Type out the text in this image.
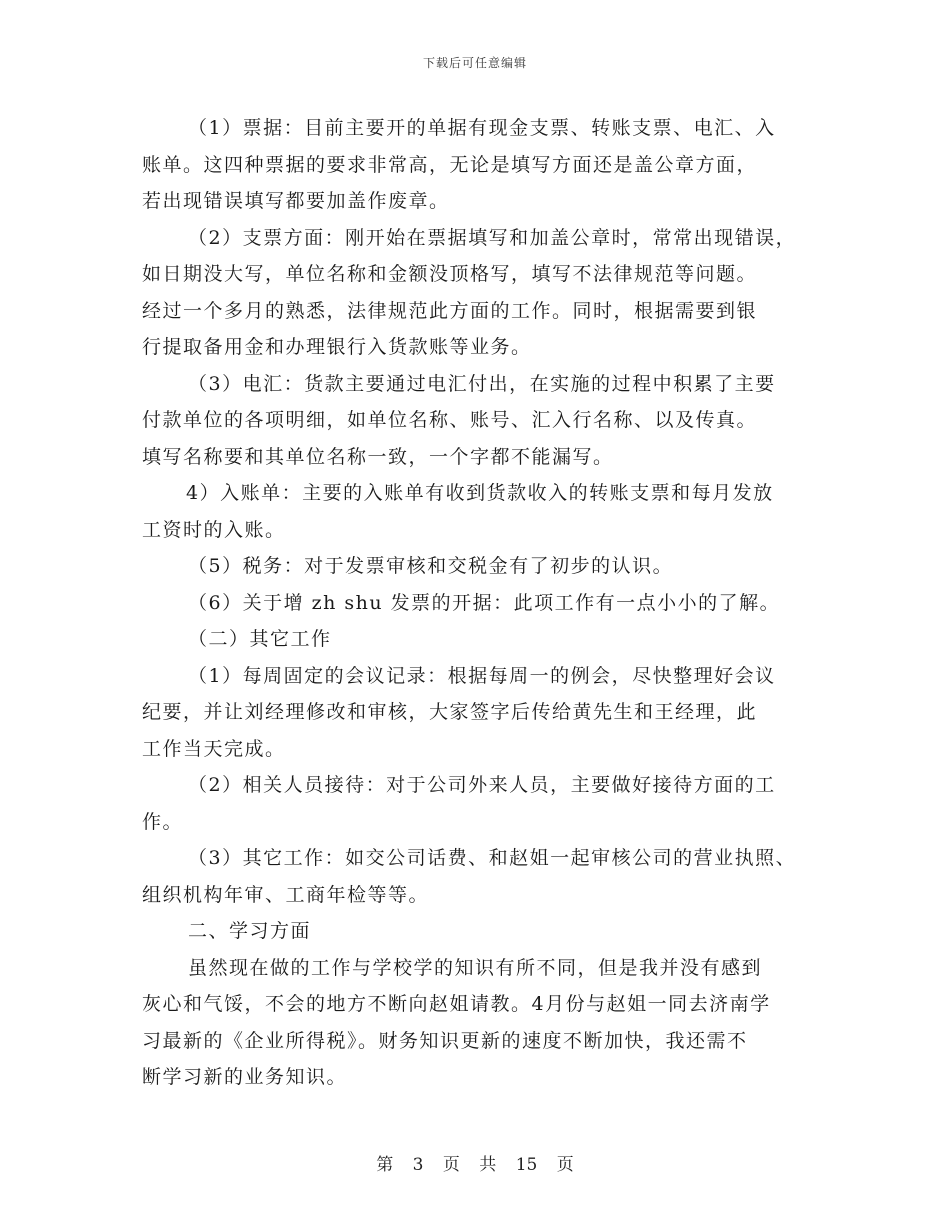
下载后可任意编辑

（1）票据：目前主要开的单据有现金支票、转账支票、电汇、入
账单。这四种票据的要求非常高，无论是填写方面还是盖公章方面，
若出现错误填写都要加盖作废章。

（2）支票方面：刚开始在票据填写和加盖公章时，常常出现错误，
如日期没大写，单位名称和金额没顶格写，填写不法律规范等问题。
经过一个多月的熟悉，法律规范此方面的工作。同时，根据需要到银
行提取备用金和办理银行入货款账等业务。

（3）电汇：货款主要通过电汇付出，在实施的过程中积累了主要
付款单位的各项明细，如单位名称、账号、汇入行名称、以及传真。
填写名称要和其单位名称一致，一个字都不能漏写。

4）入账单：主要的入账单有收到货款收入的转账支票和每月发放
工资时的入账。

（5）税务：对于发票审核和交税金有了初步的认识。

（6）关于增 zh shu 发票的开据：此项工作有一点小小的了解。

（二）其它工作

（1）每周固定的会议记录：根据每周一的例会，尽快整理好会议
纪要，并让刘经理修改和审核，大家签字后传给黄先生和王经理，此
工作当天完成。

（2）相关人员接待：对于公司外来人员，主要做好接待方面的工
作。

（3）其它工作：如交公司话费、和赵姐一起审核公司的营业执照、
组织机构年审、工商年检等等。

二、学习方面

虽然现在做的工作与学校学的知识有所不同，但是我并没有感到
灰心和气馁，不会的地方不断向赵姐请教。4月份与赵姐一同去济南学
习最新的《企业所得税》。财务知识更新的速度不断加快，我还需不
断学习新的业务知识。

第 3 页 共 15 页
